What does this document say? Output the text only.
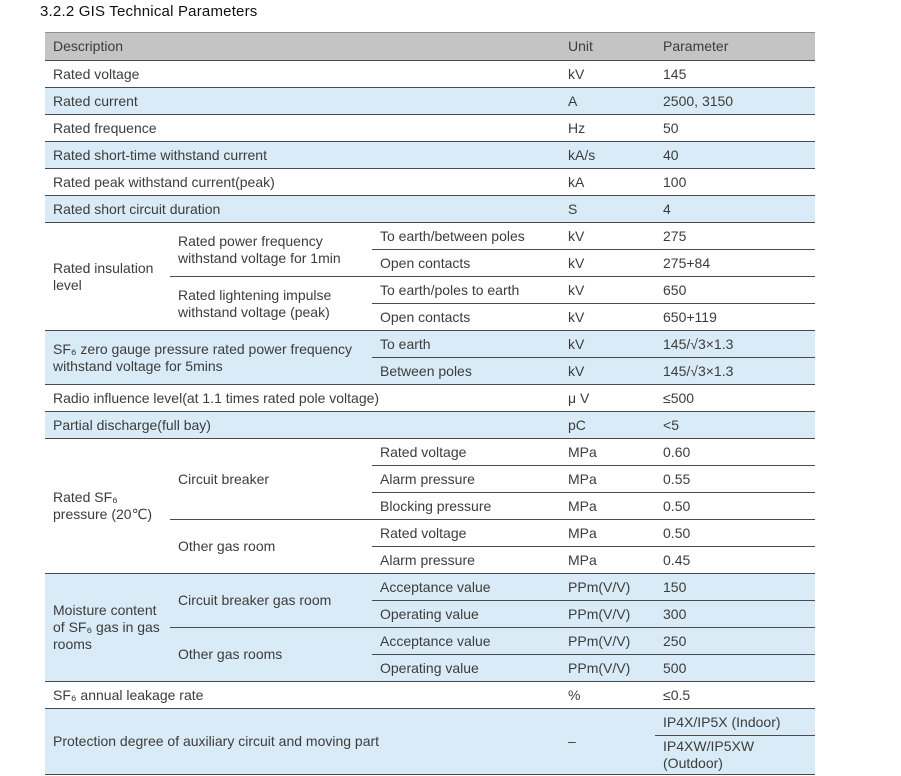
3.2.2 GIS Technical Parameters
Description			Unit	Parameter
Rated voltage			kV	145
Rated current			A	2500, 3150
Rated frequence			Hz	50
Rated short-time withstand current			kA/s	40
Rated peak withstand current(peak)			kA	100
Rated short circuit duration			S	4
Rated insulation level	Rated power frequency withstand voltage for 1min	To earth/between poles	kV	275
		Open contacts	kV	275+84
	Rated lightening impulse withstand voltage (peak)	To earth/poles to earth	kV	650
		Open contacts	kV	650+119
SF₆ zero gauge pressure rated power frequency withstand voltage for 5mins		To earth	kV	145/√3×1.3
		Between poles	kV	145/√3×1.3
Radio influence level(at 1.1 times rated pole voltage)			μ V	≤500
Partial discharge(full bay)			pC	<5
Rated SF₆ pressure (20℃)	Circuit breaker	Rated voltage	MPa	0.60
		Alarm pressure	MPa	0.55
		Blocking pressure	MPa	0.50
	Other gas room	Rated voltage	MPa	0.50
		Alarm pressure	MPa	0.45
Moisture content of SF₆ gas in gas rooms	Circuit breaker gas room	Acceptance value	PPm(V/V)	150
		Operating value	PPm(V/V)	300
	Other gas rooms	Acceptance value	PPm(V/V)	250
		Operating value	PPm(V/V)	500
SF₆ annual leakage rate			%	≤0.5
Protection degree of auxiliary circuit and moving part			–	IP4X/IP5X (Indoor)
				IP4XW/IP5XW (Outdoor)
